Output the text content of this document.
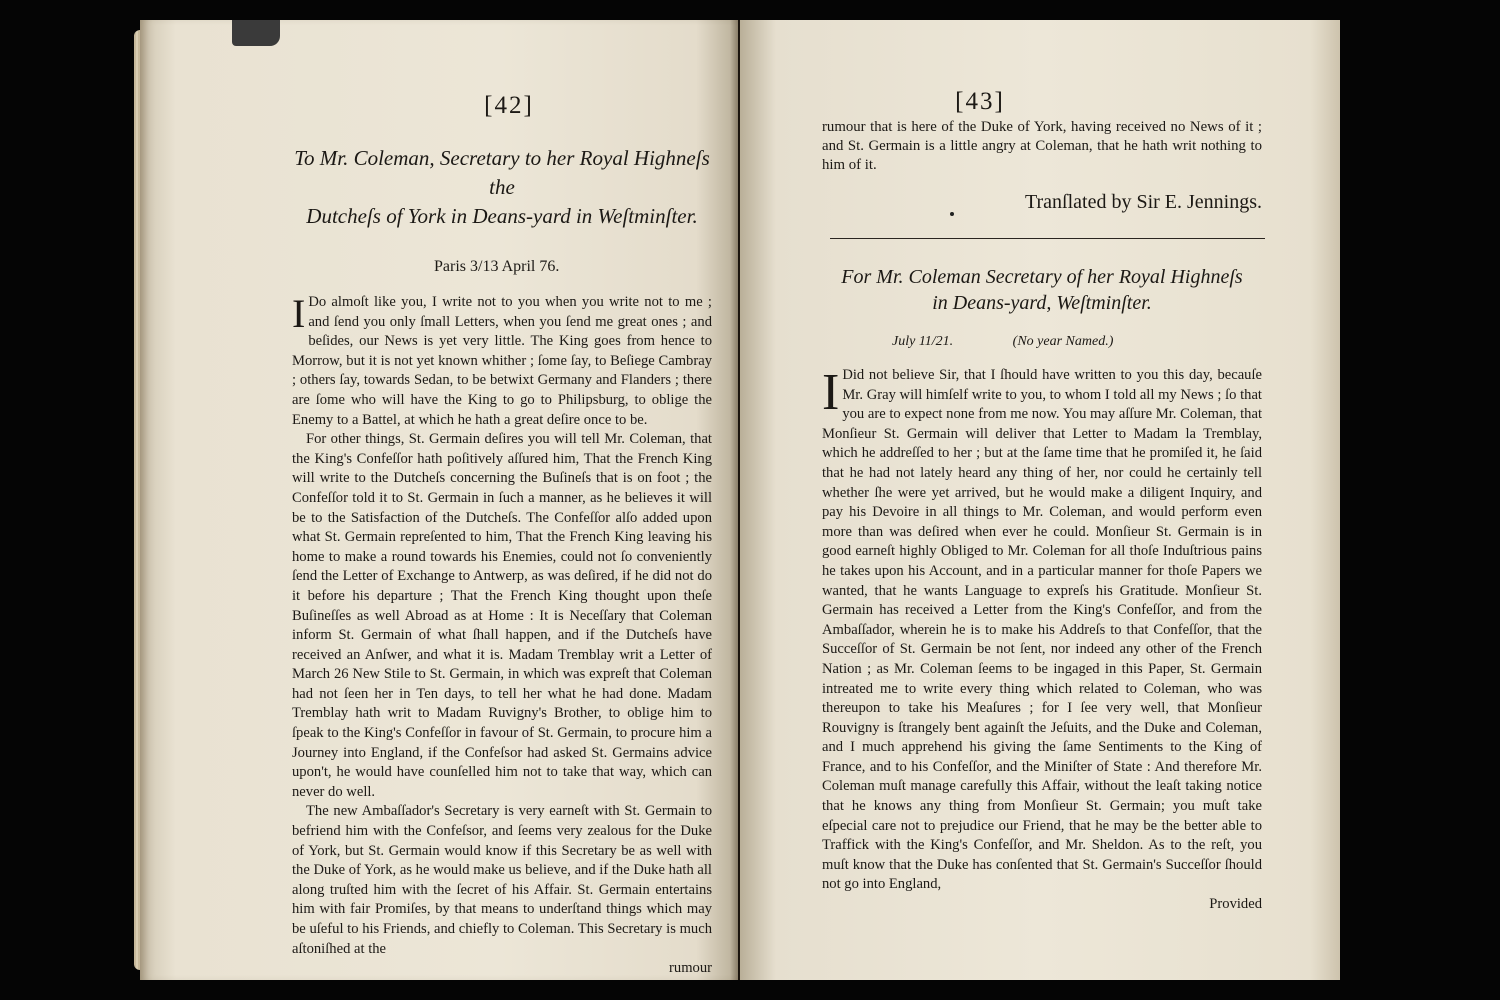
[42]
To Mr. Coleman, Secretary to her Royal Highneſs the
Dutcheſs of York in Deans-yard in Weſtminſter.
Paris 3/13 April 76.

I Do almoſt like you, I write not to you when you write not to me ; and ſend you only ſmall Letters, when you ſend me great ones ; and beſides, our News is yet very little. The King goes from hence to Morrow, but it is not yet known whither ; ſome ſay, to Beſiege Cambray ; others ſay, towards Sedan, to be betwixt Germany and Flanders ; there are ſome who will have the King to go to Philipsburg, to oblige the Enemy to a Battel, at which he hath a great deſire once to be.

For other things, St. Germain deſires you will tell Mr. Coleman, that the King's Confeſſor hath poſitively aſſured him, That the French King will write to the Dutcheſs concerning the Buſineſs that is on foot ; the Confeſſor told it to St. Germain in ſuch a manner, as he believes it will be to the Satisfaction of the Dutcheſs. The Confeſſor alſo added upon what St. Germain repreſented to him, That the French King leaving his home to make a round towards his Enemies, could not ſo conveniently ſend the Letter of Exchange to Antwerp, as was deſired, if he did not do it before his departure ; That the French King thought upon theſe Buſineſſes as well Abroad as at Home : It is Neceſſary that Coleman inform St. Germain of what ſhall happen, and if the Dutcheſs have received an Anſwer, and what it is. Madam Tremblay writ a Letter of March 26 New Stile to St. Germain, in which was expreſt that Coleman had not ſeen her in Ten days, to tell her what he had done. Madam Tremblay hath writ to Madam Ruvigny's Brother, to oblige him to ſpeak to the King's Confeſſor in favour of St. Germain, to procure him a Journey into England, if the Confeſsor had asked St. Germains advice upon't, he would have counſelled him not to take that way, which can never do well.

The new Ambaſſador's Secretary is very earneſt with St. Germain to befriend him with the Confeſsor, and ſeems very zealous for the Duke of York, but St. Germain would know if this Secretary be as well with the Duke of York, as he would make us believe, and if the Duke hath all along truſted him with the ſecret of his Affair. St. Germain entertains him with fair Promiſes, by that means to underſtand things which may be uſeful to his Friends, and chiefly to Coleman. This Secretary is much aſtoniſhed at the

rumour
[43]
rumour that is here of the Duke of York, having received no News of it ; and St. Germain is a little angry at Coleman, that he hath writ nothing to him of it.
Tranſlated by Sir E. Jennings.
For Mr. Coleman Secretary of her Royal Highneſs
in Deans-yard, Weſtminſter.
July 11/21.	(No year Named.)

I Did not believe Sir, that I ſhould have written to you this day, becauſe Mr. Gray will himſelf write to you, to whom I told all my News ; ſo that you are to expect none from me now. You may aſſure Mr. Coleman, that Monſieur St. Germain will deliver that Letter to Madam la Tremblay, which he addreſſed to her ; but at the ſame time that he promiſed it, he ſaid that he had not lately heard any thing of her, nor could he certainly tell whether ſhe were yet arrived, but he would make a diligent Inquiry, and pay his Devoire in all things to Mr. Coleman, and would perform even more than was deſired when ever he could. Monſieur St. Germain is in good earneſt highly Obliged to Mr. Coleman for all thoſe Induſtrious pains he takes upon his Account, and in a particular manner for thoſe Papers we wanted, that he wants Language to expreſs his Gratitude. Monſieur St. Germain has received a Letter from the King's Confeſſor, and from the Ambaſſador, wherein he is to make his Addreſs to that Confeſſor, that the Succeſſor of St. Germain be not ſent, nor indeed any other of the French Nation ; as Mr. Coleman ſeems to be ingaged in this Paper, St. Germain intreated me to write every thing which related to Coleman, who was thereupon to take his Meaſures ; for I ſee very well, that Monſieur Rouvigny is ſtrangely bent againſt the Jeſuits, and the Duke and Coleman, and I much apprehend his giving the ſame Sentiments to the King of France, and to his Confeſſor, and the Miniſter of State : And therefore Mr. Coleman muſt manage carefully this Affair, without the leaſt taking notice that he knows any thing from Monſieur St. Germain; you muſt take eſpecial care not to prejudice our Friend, that he may be the better able to Traffick with the King's Confeſſor, and Mr. Sheldon. As to the reſt, you muſt know that the Duke has conſented that St. Germain's Succeſſor ſhould not go into England,

Provided
